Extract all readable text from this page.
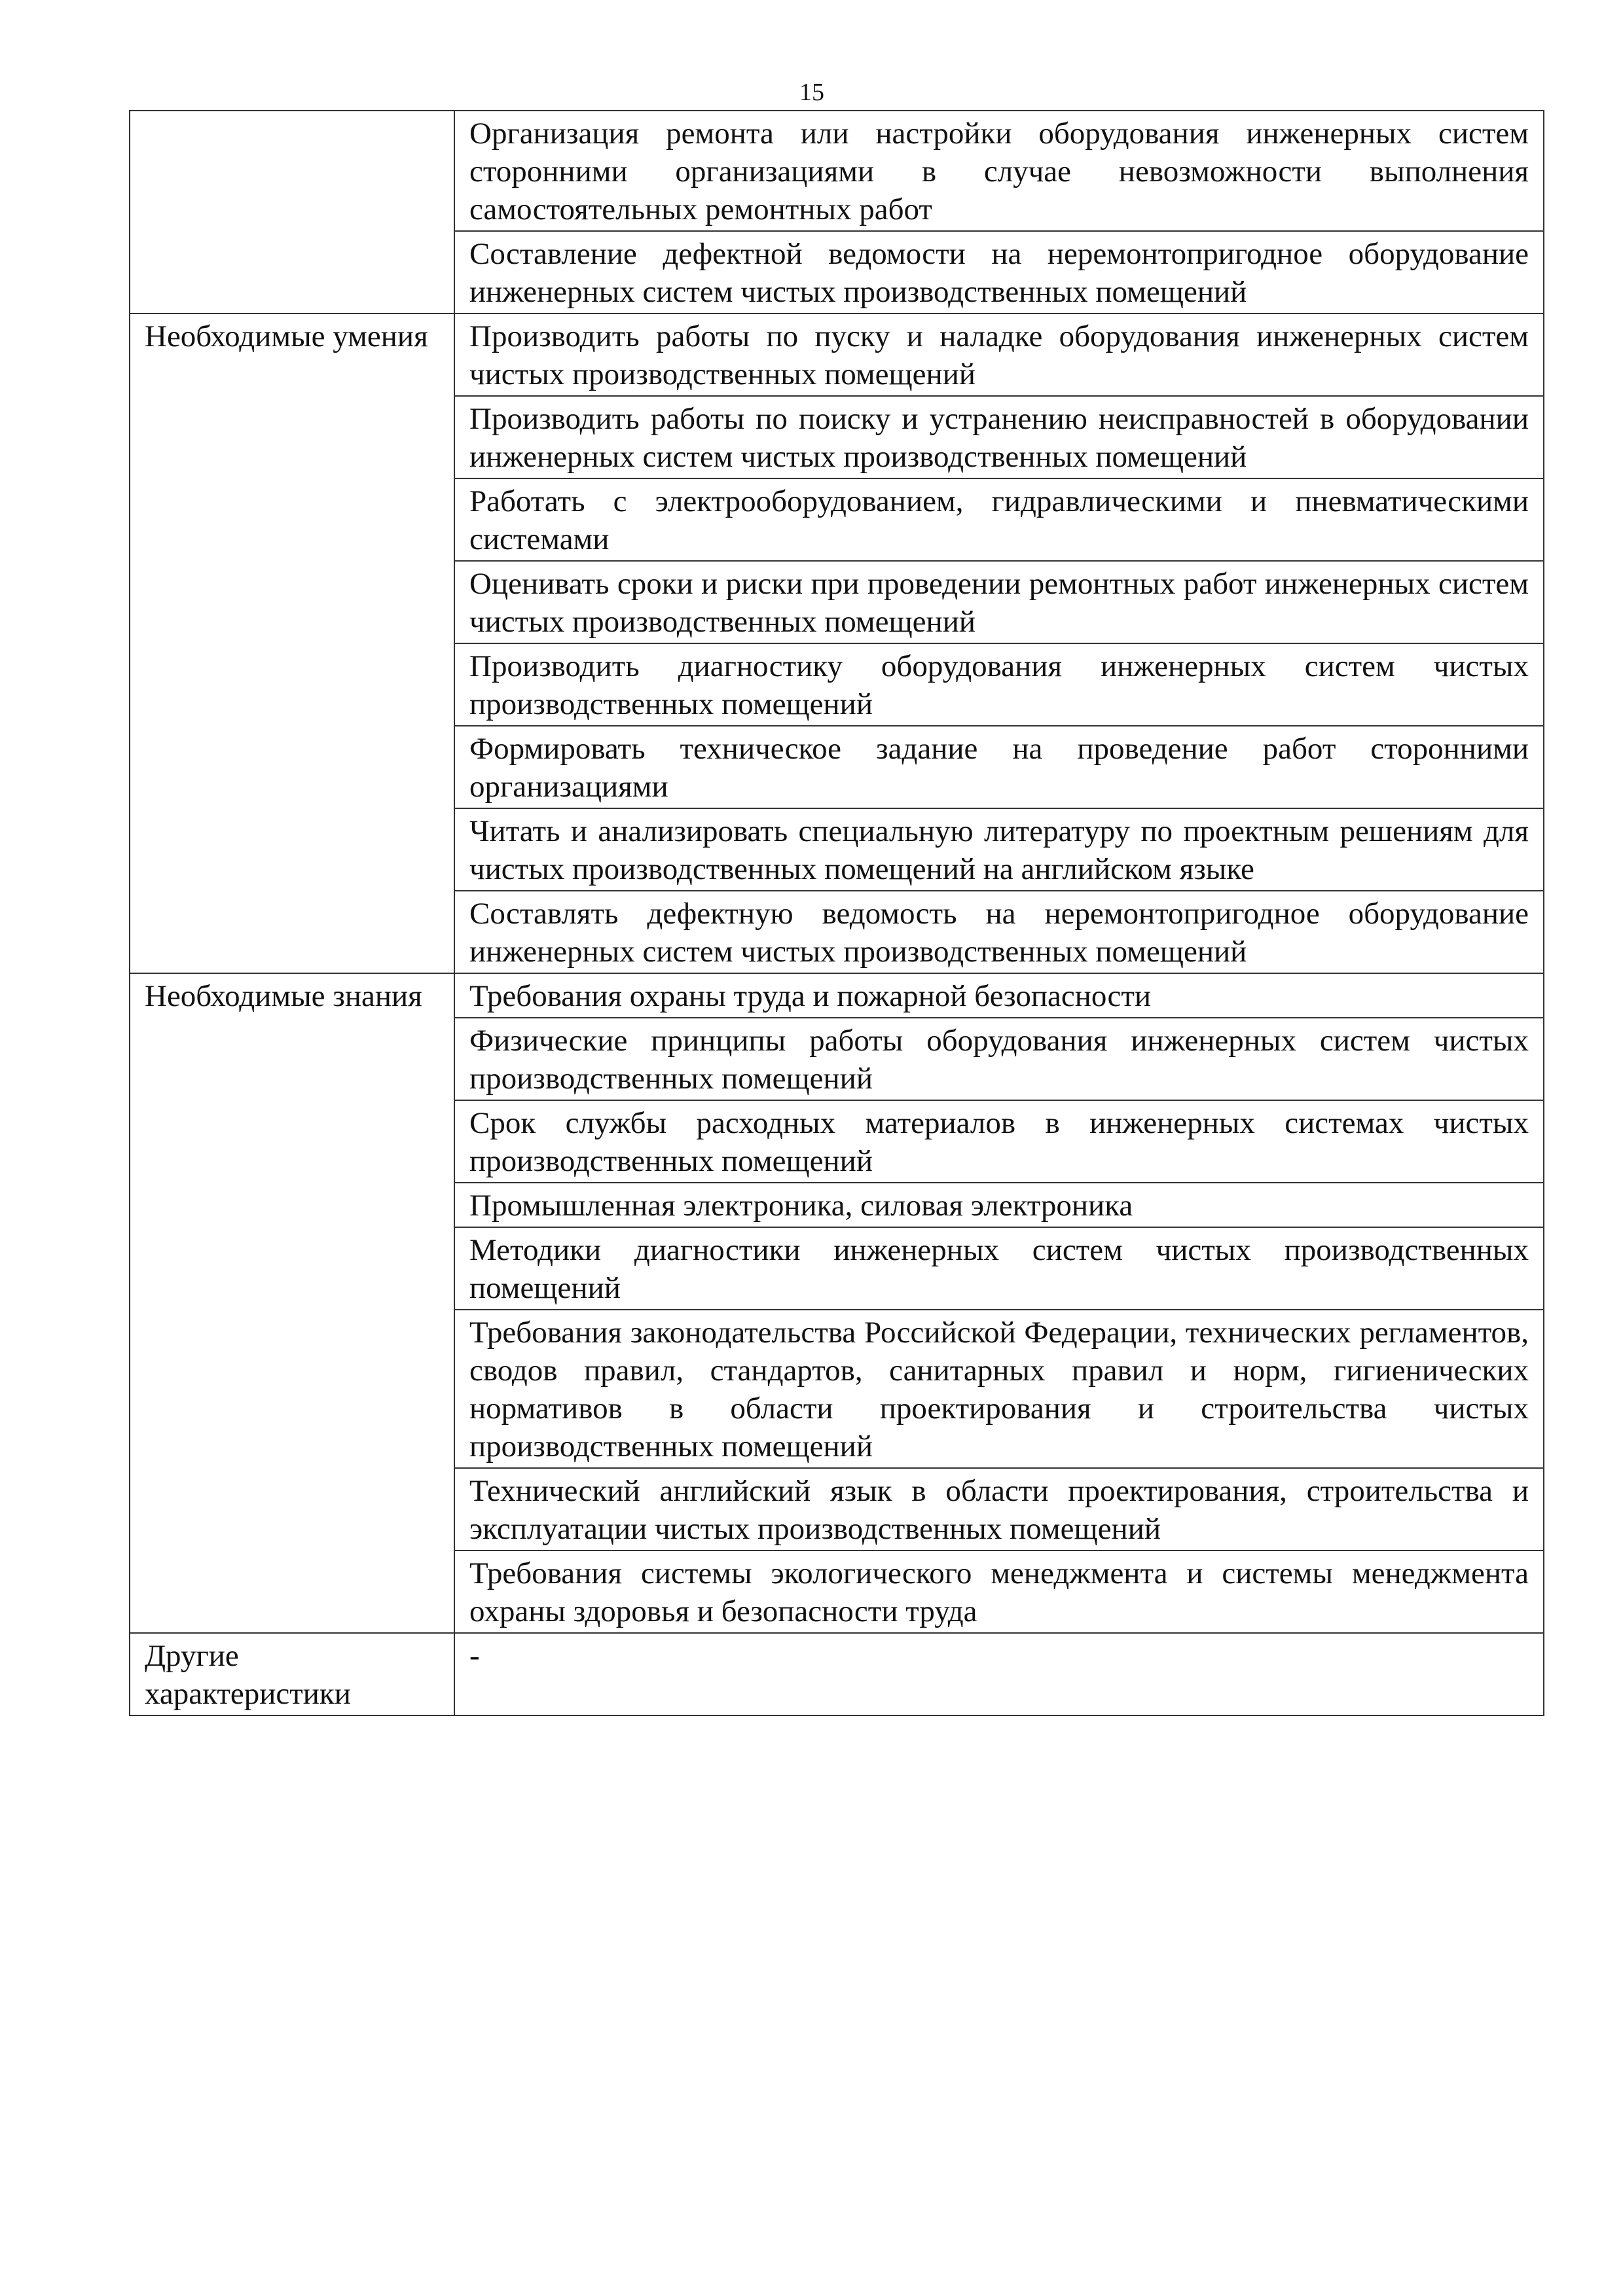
15
	Организация ремонта или настройки оборудования инженерных систем сторонними организациями в случае невозможности выполнения самостоятельных ремонтных работ
	Составление дефектной ведомости на неремонтопригодное оборудование инженерных систем чистых производственных помещений
Необходимые умения	Производить работы по пуску и наладке оборудования инженерных систем чистых производственных помещений
	Производить работы по поиску и устранению неисправностей в оборудовании инженерных систем чистых производственных помещений
	Работать с электрооборудованием, гидравлическими и пневматическими системами
	Оценивать сроки и риски при проведении ремонтных работ инженерных систем чистых производственных помещений
	Производить диагностику оборудования инженерных систем чистых производственных помещений
	Формировать техническое задание на проведение работ сторонними организациями
	Читать и анализировать специальную литературу по проектным решениям для чистых производственных помещений на английском языке
	Составлять дефектную ведомость на неремонтопригодное оборудование инженерных систем чистых производственных помещений
Необходимые знания	Требования охраны труда и пожарной безопасности
	Физические принципы работы оборудования инженерных систем чистых производственных помещений
	Срок службы расходных материалов в инженерных системах чистых производственных помещений
	Промышленная электроника, силовая электроника
	Методики диагностики инженерных систем чистых производственных помещений
	Требования законодательства Российской Федерации, технических регламентов, сводов правил, стандартов, санитарных правил и норм, гигиенических нормативов в области проектирования и строительства чистых производственных помещений
	Технический английский язык в области проектирования, строительства и эксплуатации чистых производственных помещений
	Требования системы экологического менеджмента и системы менеджмента охраны здоровья и безопасности труда
Другие характеристики	-
